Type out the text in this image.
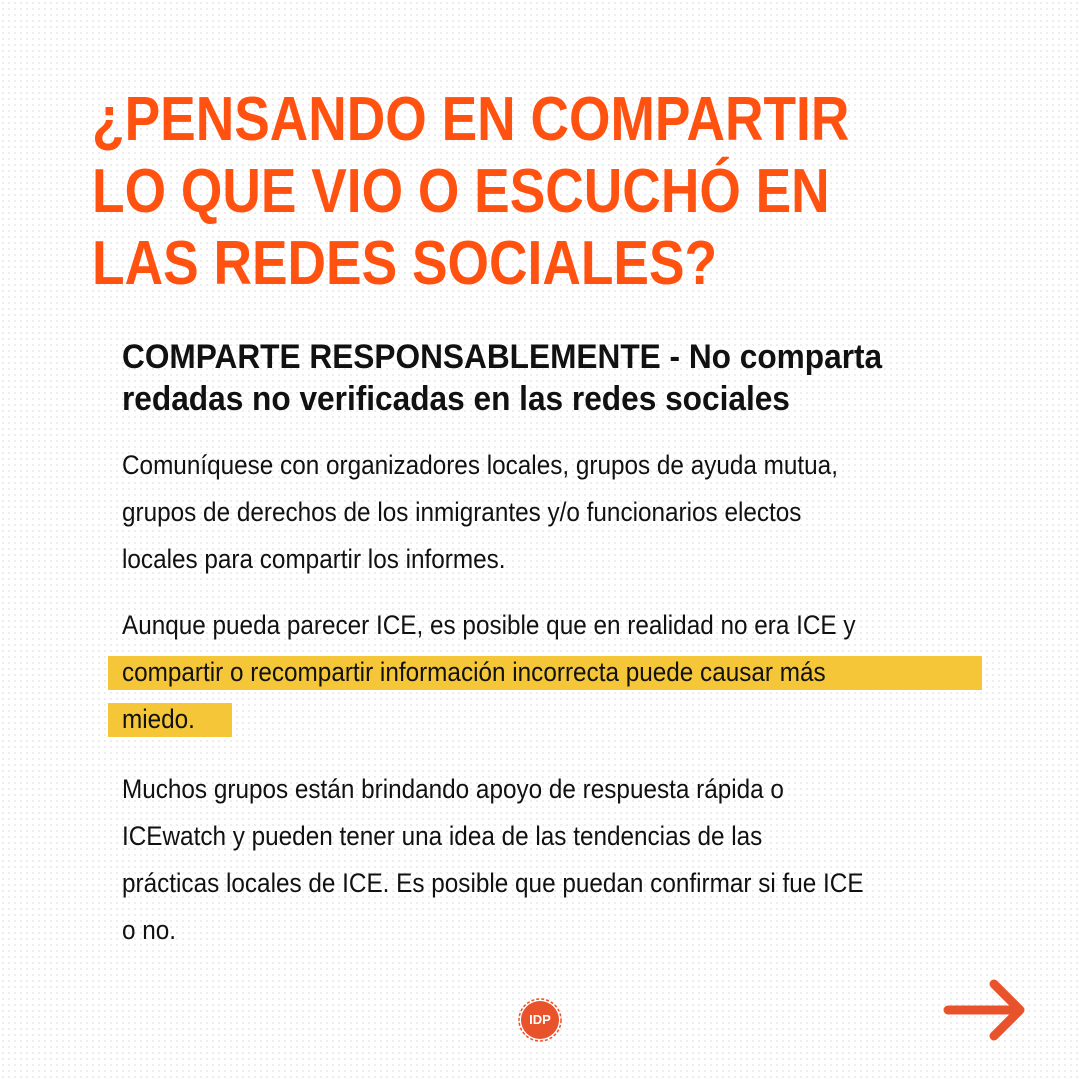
¿PENSANDO EN COMPARTIR
LO QUE VIO O ESCUCHÓ EN
LAS REDES SOCIALES?
COMPARTE RESPONSABLEMENTE - No comparta
redadas no verificadas en las redes sociales

Comuníquese con organizadores locales, grupos de ayuda mutua,
grupos de derechos de los inmigrantes y/o funcionarios electos
locales para compartir los informes.

Aunque pueda parecer ICE, es posible que en realidad no era ICE y
compartir o recompartir información incorrecta puede causar más
miedo.

Muchos grupos están brindando apoyo de respuesta rápida o
ICEwatch y pueden tener una idea de las tendencias de las
prácticas locales de ICE. Es posible que puedan confirmar si fue ICE
o no.

IDP
